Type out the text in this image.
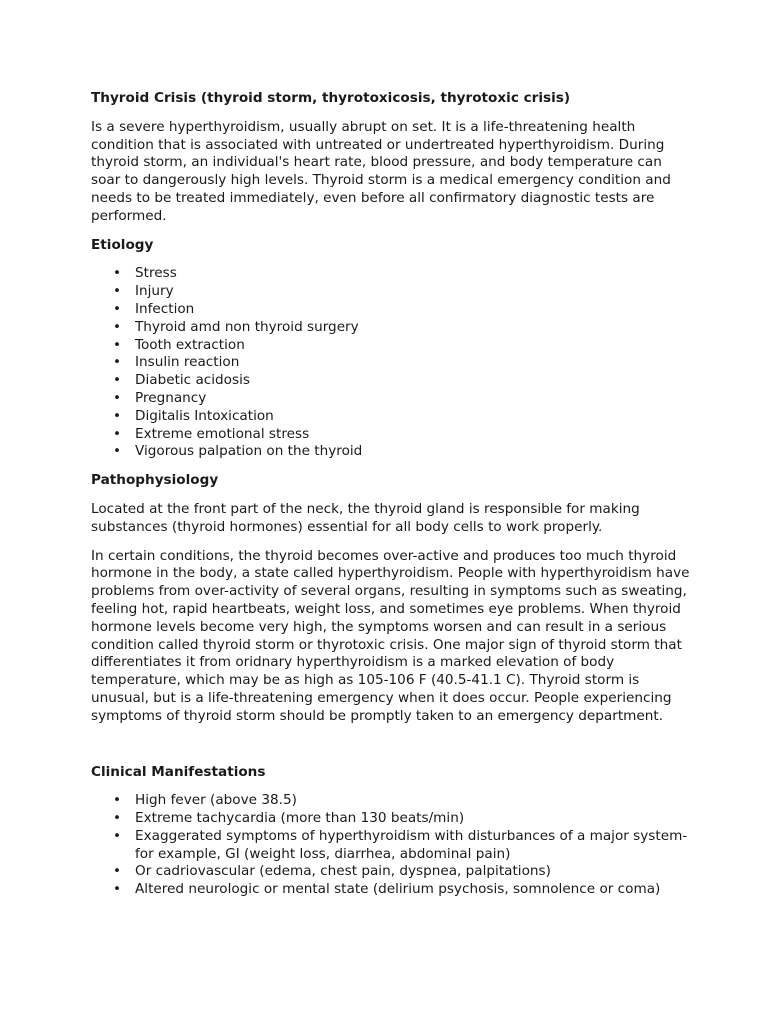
Thyroid Crisis (thyroid storm, thyrotoxicosis, thyrotoxic crisis)

Is a severe hyperthyroidism, usually abrupt on set. It is a life-threatening health condition that is associated with untreated or undertreated hyperthyroidism. During thyroid storm, an individual's heart rate, blood pressure, and body temperature can soar to dangerously high levels. Thyroid storm is a medical emergency condition and needs to be treated immediately, even before all confirmatory diagnostic tests are performed.

Etiology
• Stress
• Injury
• Infection
• Thyroid amd non thyroid surgery
• Tooth extraction
• Insulin reaction
• Diabetic acidosis
• Pregnancy
• Digitalis Intoxication
• Extreme emotional stress
• Vigorous palpation on the thyroid
Pathophysiology

Located at the front part of the neck, the thyroid gland is responsible for making substances (thyroid hormones) essential for all body cells to work properly.

In certain conditions, the thyroid becomes over-active and produces too much thyroid hormone in the body, a state called hyperthyroidism. People with hyperthyroidism have problems from over-activity of several organs, resulting in symptoms such as sweating, feeling hot, rapid heartbeats, weight loss, and sometimes eye problems. When thyroid hormone levels become very high, the symptoms worsen and can result in a serious condition called thyroid storm or thyrotoxic crisis. One major sign of thyroid storm that differentiates it from oridnary hyperthyroidism is a marked elevation of body temperature, which may be as high as 105-106 F (40.5-41.1 C). Thyroid storm is unusual, but is a life-threatening emergency when it does occur. People experiencing symptoms of thyroid storm should be promptly taken to an emergency department.

Clinical Manifestations
• High fever (above 38.5)
• Extreme tachycardia (more than 130 beats/min)
• Exaggerated symptoms of hyperthyroidism with disturbances of a major system- for example, GI (weight loss, diarrhea, abdominal pain)
• Or cadriovascular (edema, chest pain, dyspnea, palpitations)
• Altered neurologic or mental state (delirium psychosis, somnolence or coma)
